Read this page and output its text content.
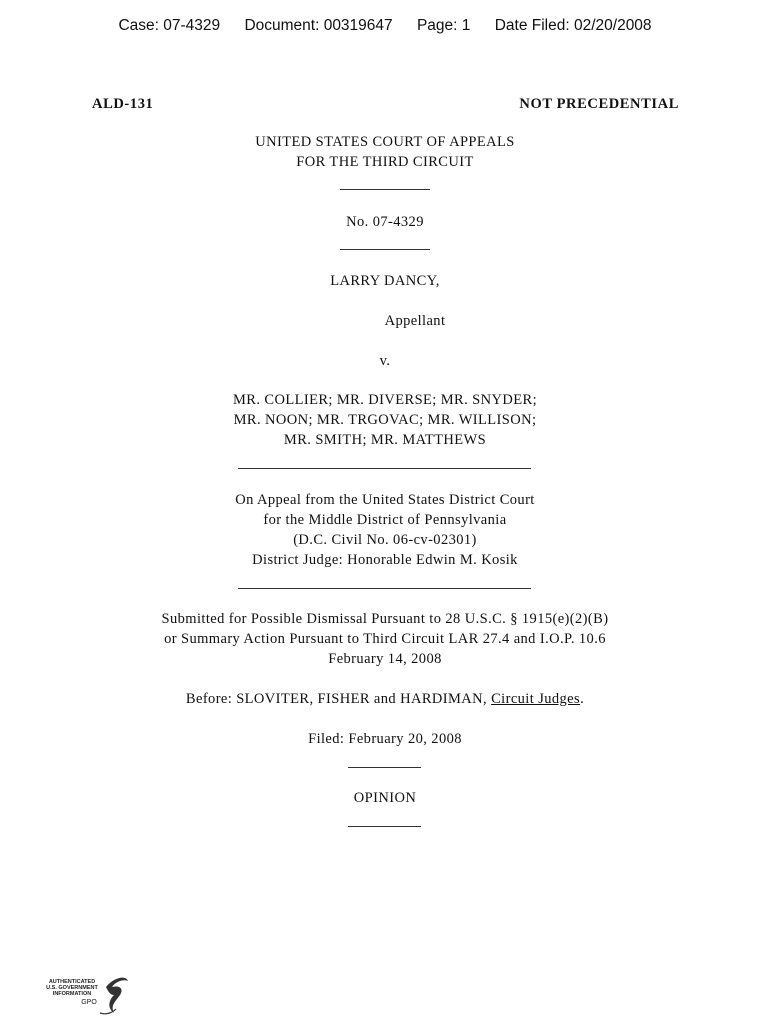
Case: 07-4329 Document: 00319647 Page: 1 Date Filed: 02/20/2008
ALD-131	NOT PRECEDENTIAL
UNITED STATES COURT OF APPEALS
FOR THE THIRD CIRCUIT
No. 07-4329
LARRY DANCY,
Appellant
v.
MR. COLLIER; MR. DIVERSE; MR. SNYDER;
MR. NOON; MR. TRGOVAC; MR. WILLISON;
MR. SMITH; MR. MATTHEWS
On Appeal from the United States District Court
for the Middle District of Pennsylvania
(D.C. Civil No. 06-cv-02301)
District Judge: Honorable Edwin M. Kosik
Submitted for Possible Dismissal Pursuant to 28 U.S.C. § 1915(e)(2)(B)
or Summary Action Pursuant to Third Circuit LAR 27.4 and I.O.P. 10.6
February 14, 2008
Before: SLOVITER, FISHER and HARDIMAN, Circuit Judges.
Filed: February 20, 2008
OPINION
AUTHENTICATED
U.S. GOVERNMENT
INFORMATION
GPO
